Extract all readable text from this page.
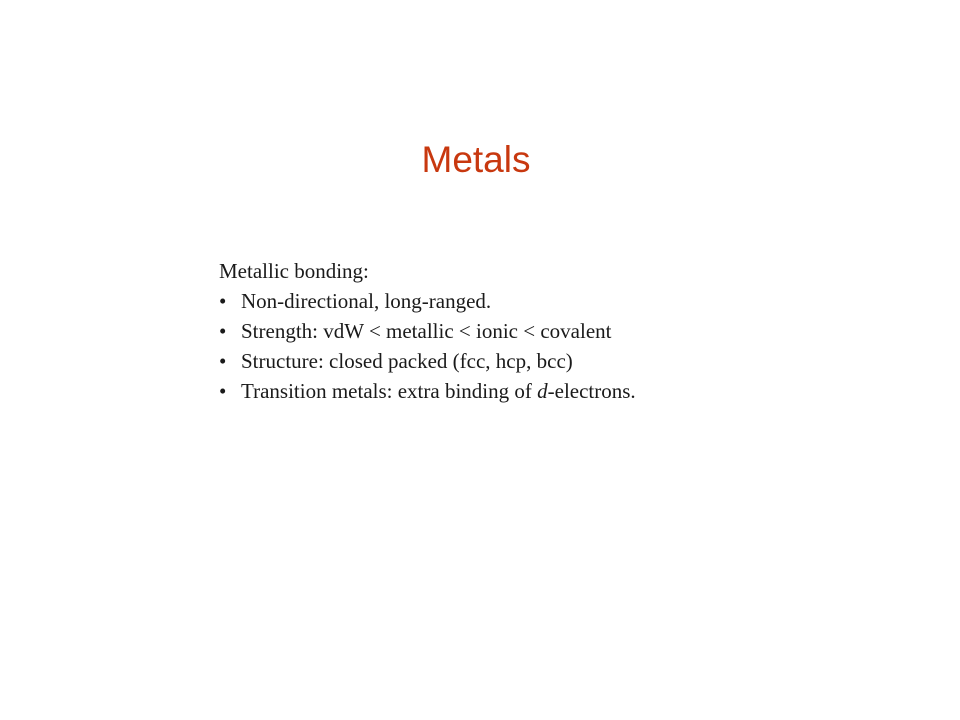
Metals
Metallic bonding:
• Non-directional, long-ranged.
• Strength: vdW < metallic < ionic < covalent
• Structure: closed packed (fcc, hcp, bcc)
• Transition metals: extra binding of d-electrons.
